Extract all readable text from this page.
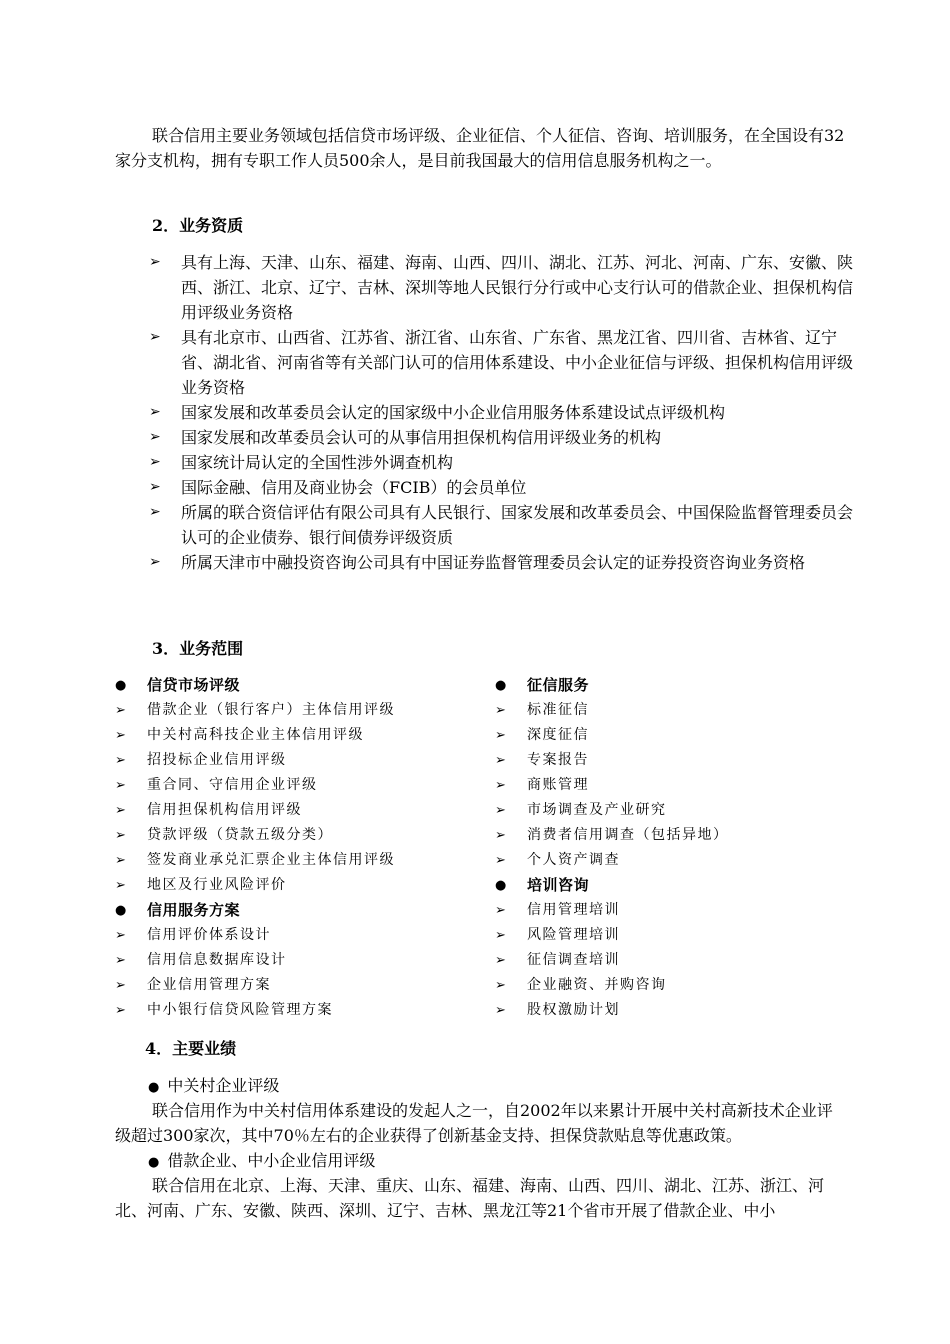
联合信用主要业务领域包括信贷市场评级、企业征信、个人征信、咨询、培训服务，在全国设有32家分支机构，拥有专职工作人员500余人，是目前我国最大的信用信息服务机构之一。

2．业务资质

➢ 具有上海、天津、山东、福建、海南、山西、四川、湖北、江苏、河北、河南、广东、安徽、陕西、浙江、北京、辽宁、吉林、深圳等地人民银行分行或中心支行认可的借款企业、担保机构信用评级业务资格
➢ 具有北京市、山西省、江苏省、浙江省、山东省、广东省、黑龙江省、四川省、吉林省、辽宁省、湖北省、河南省等有关部门认可的信用体系建设、中小企业征信与评级、担保机构信用评级业务资格
➢ 国家发展和改革委员会认定的国家级中小企业信用服务体系建设试点评级机构
➢ 国家发展和改革委员会认可的从事信用担保机构信用评级业务的机构
➢ 国家统计局认定的全国性涉外调查机构
➢ 国际金融、信用及商业协会（FCIB）的会员单位
➢ 所属的联合资信评估有限公司具有人民银行、国家发展和改革委员会、中国保险监督管理委员会认可的企业债券、银行间债券评级资质
➢ 所属天津市中融投资咨询公司具有中国证券监督管理委员会认定的证券投资咨询业务资格

3．业务范围

● 信贷市场评级
➢ 借款企业（银行客户）主体信用评级
➢ 中关村高科技企业主体信用评级
➢ 招投标企业信用评级
➢ 重合同、守信用企业评级
➢ 信用担保机构信用评级
➢ 贷款评级（贷款五级分类）
➢ 签发商业承兑汇票企业主体信用评级
➢ 地区及行业风险评价
● 信用服务方案
➢ 信用评价体系设计
➢ 信用信息数据库设计
➢ 企业信用管理方案
➢ 中小银行信贷风险管理方案
● 征信服务
➢ 标准征信
➢ 深度征信
➢ 专案报告
➢ 商账管理
➢ 市场调查及产业研究
➢ 消费者信用调查（包括异地）
➢ 个人资产调查
● 培训咨询
➢ 信用管理培训
➢ 风险管理培训
➢ 征信调查培训
➢ 企业融资、并购咨询
➢ 股权激励计划

4．主要业绩

● 中关村企业评级

联合信用作为中关村信用体系建设的发起人之一，自2002年以来累计开展中关村高新技术企业评级超过300家次，其中70％左右的企业获得了创新基金支持、担保贷款贴息等优惠政策。

● 借款企业、中小企业信用评级

联合信用在北京、上海、天津、重庆、山东、福建、海南、山西、四川、湖北、江苏、浙江、河北、河南、广东、安徽、陕西、深圳、辽宁、吉林、黑龙江等21个省市开展了借款企业、中小
